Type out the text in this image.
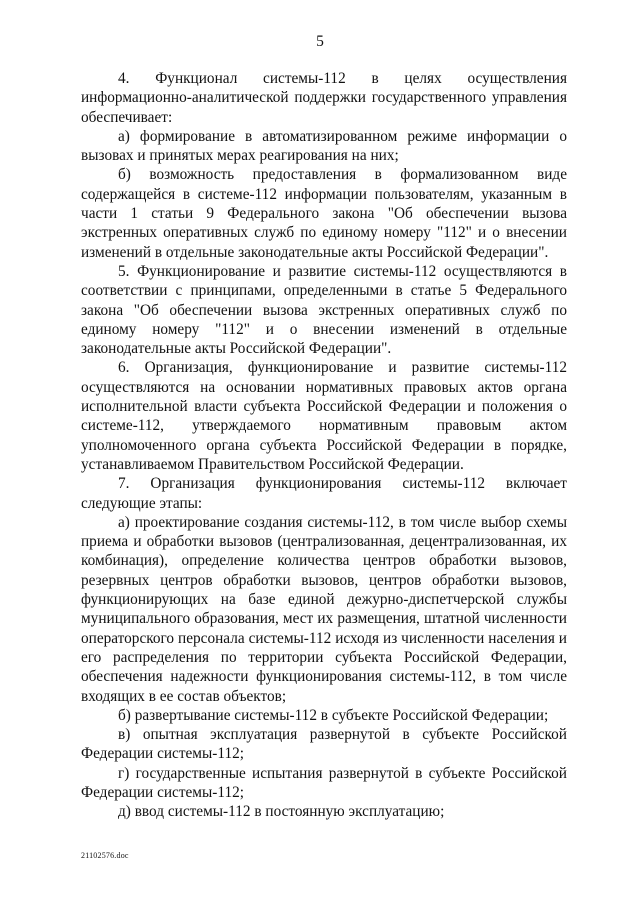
5

4. Функционал системы-112 в целях осуществления информационно-аналитической поддержки государственного управления обеспечивает:

а) формирование в автоматизированном режиме информации о вызовах и принятых мерах реагирования на них;

б) возможность предоставления в формализованном виде содержащейся в системе-112 информации пользователям, указанным в части 1 статьи 9 Федерального закона "Об обеспечении вызова экстренных оперативных служб по единому номеру "112" и о внесении изменений в отдельные законодательные акты Российской Федерации".

5. Функционирование и развитие системы-112 осуществляются в соответствии с принципами, определенными в статье 5 Федерального закона "Об обеспечении вызова экстренных оперативных служб по единому номеру "112" и о внесении изменений в отдельные законодательные акты Российской Федерации".

6. Организация, функционирование и развитие системы-112 осуществляются на основании нормативных правовых актов органа исполнительной власти субъекта Российской Федерации и положения о системе-112, утверждаемого нормативным правовым актом уполномоченного органа субъекта Российской Федерации в порядке, устанавливаемом Правительством Российской Федерации.

7. Организация функционирования системы-112 включает следующие этапы:

а) проектирование создания системы-112, в том числе выбор схемы приема и обработки вызовов (централизованная, децентрализованная, их комбинация), определение количества центров обработки вызовов, резервных центров обработки вызовов, центров обработки вызовов, функционирующих на базе единой дежурно-диспетчерской службы муниципального образования, мест их размещения, штатной численности операторского персонала системы-112 исходя из численности населения и его распределения по территории субъекта Российской Федерации, обеспечения надежности функционирования системы-112, в том числе входящих в ее состав объектов;

б) развертывание системы-112 в субъекте Российской Федерации;

в) опытная эксплуатация развернутой в субъекте Российской Федерации системы-112;

г) государственные испытания развернутой в субъекте Российской Федерации системы-112;

д) ввод системы-112 в постоянную эксплуатацию;

21102576.doc
